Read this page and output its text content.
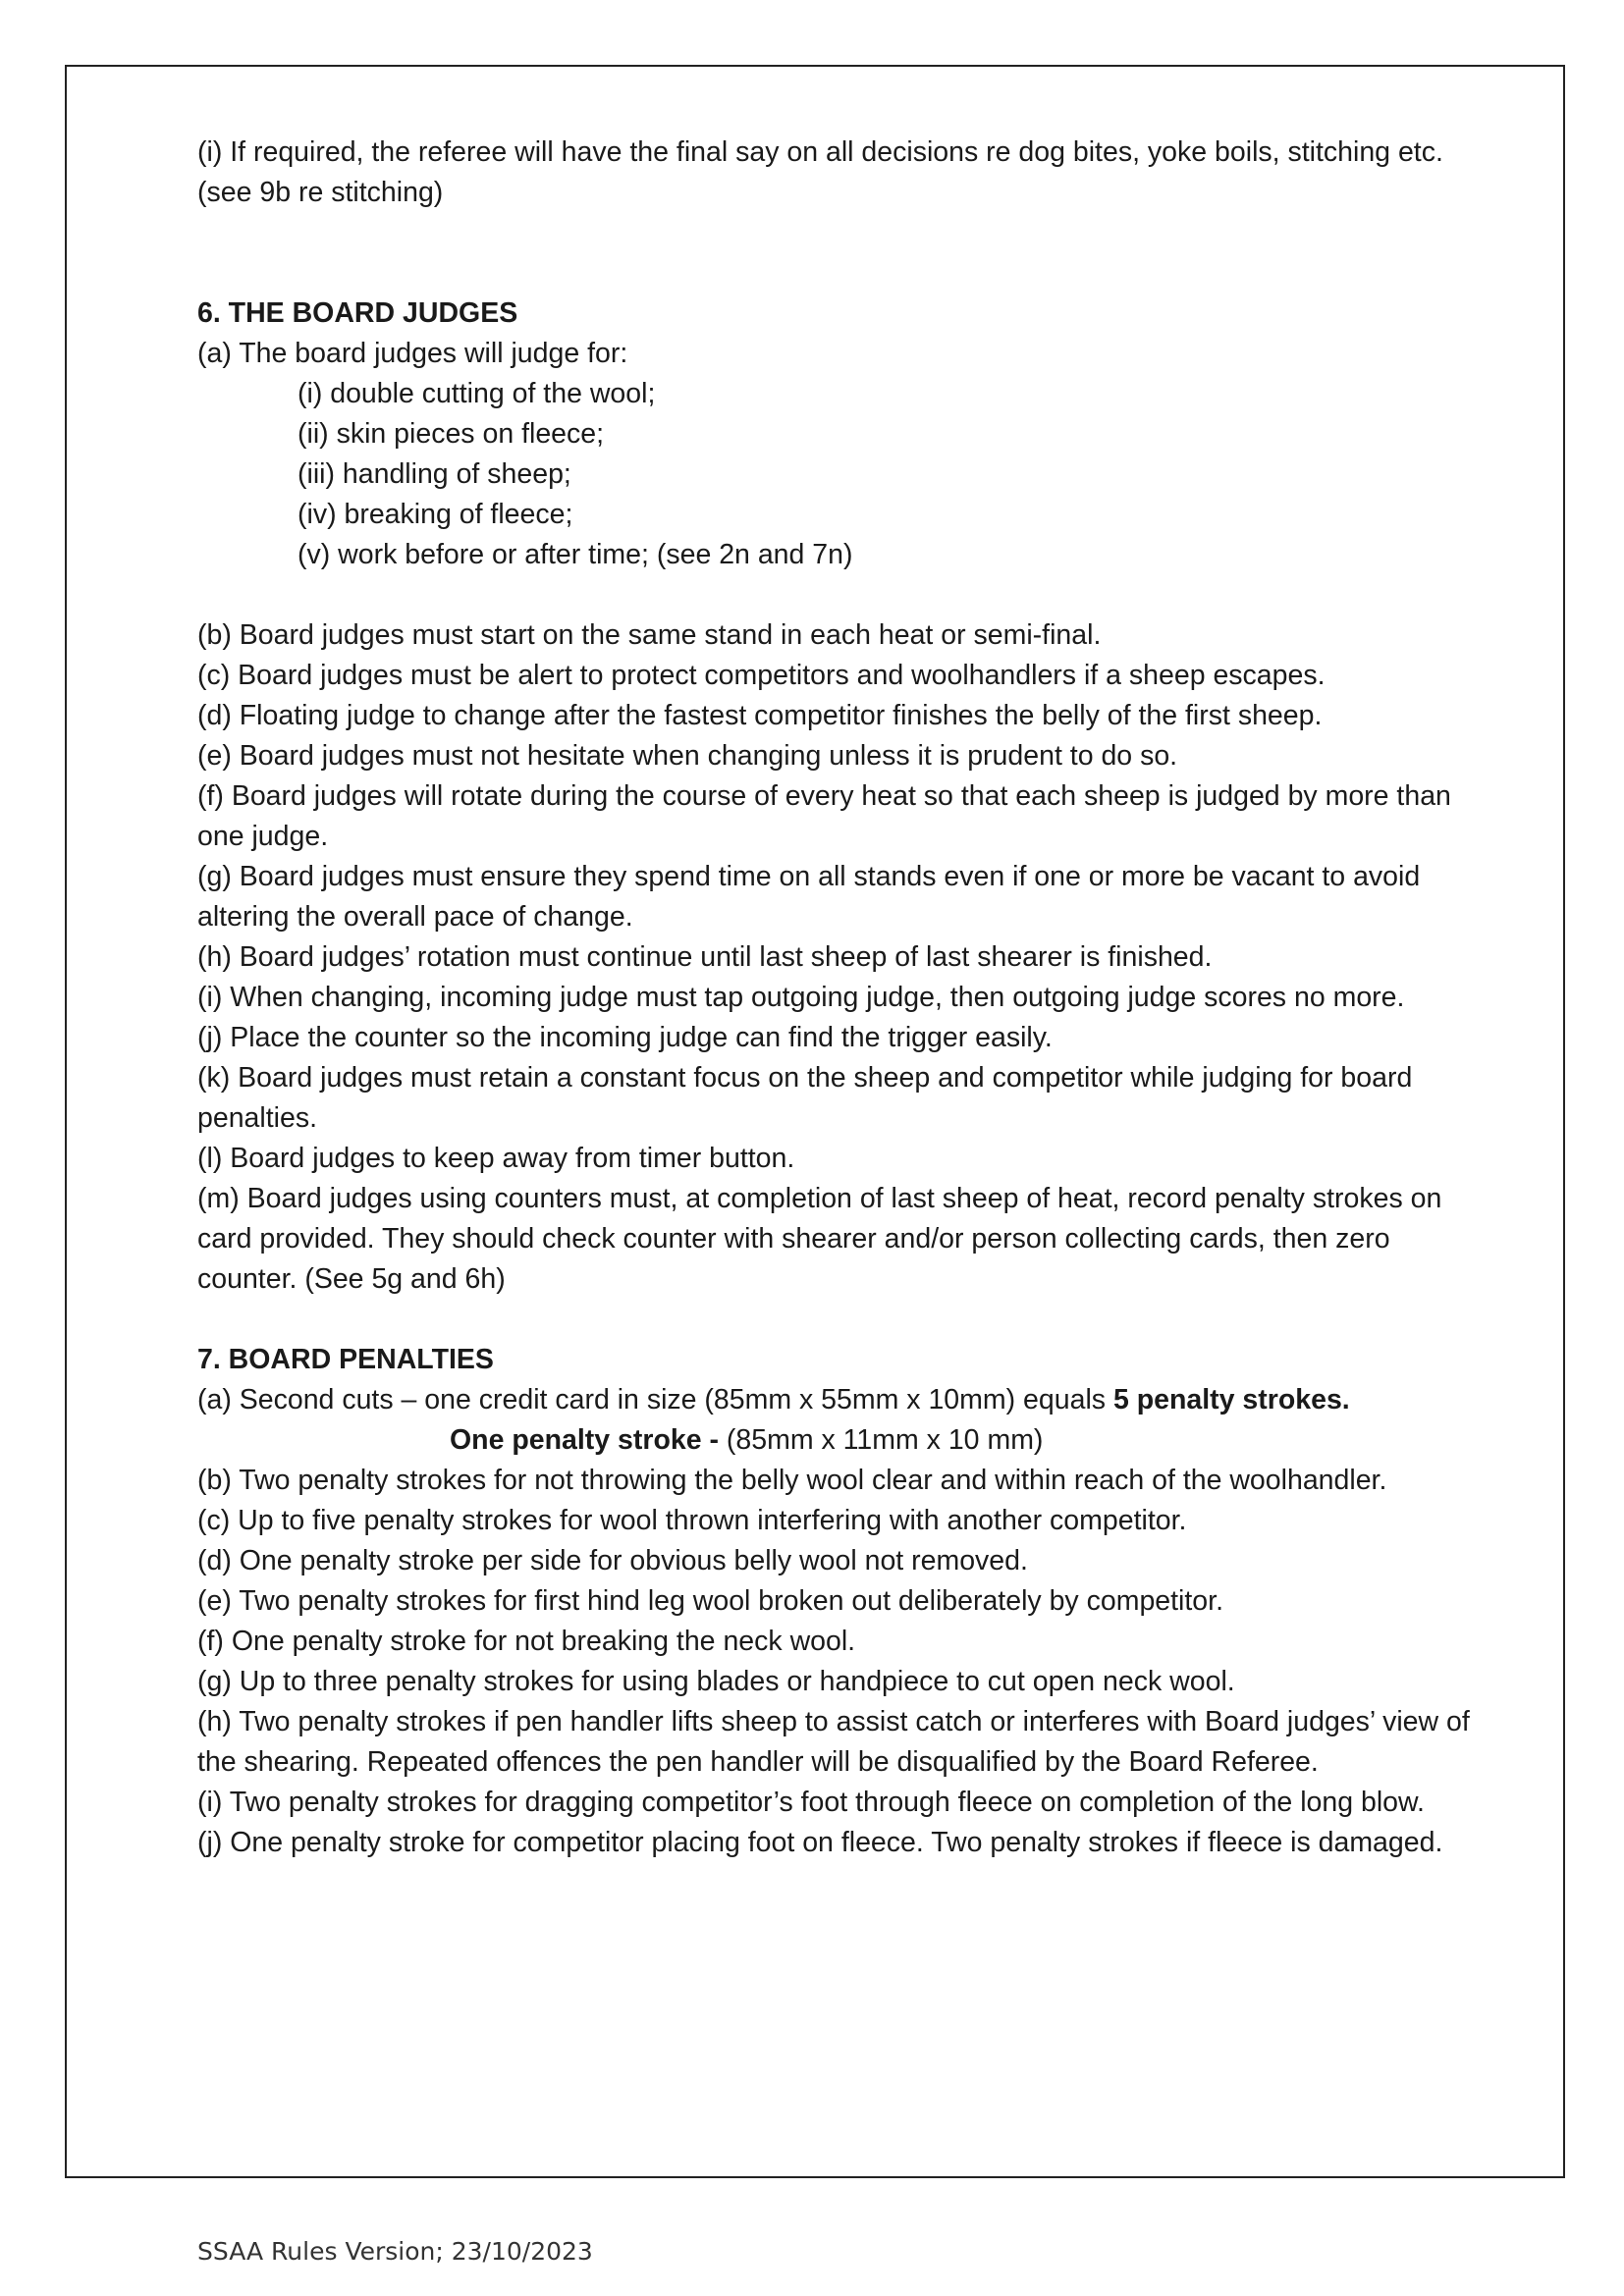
(i) If required, the referee will have the final say on all decisions re dog bites, yoke boils, stitching etc. (see 9b re stitching)

6. THE BOARD JUDGES

(a) The board judges will judge for:

(i) double cutting of the wool;

(ii) skin pieces on fleece;

(iii) handling of sheep;

(iv) breaking of fleece;

(v) work before or after time; (see 2n and 7n)

(b) Board judges must start on the same stand in each heat or semi-final.

(c) Board judges must be alert to protect competitors and woolhandlers if a sheep escapes.

(d) Floating judge to change after the fastest competitor finishes the belly of the first sheep.

(e) Board judges must not hesitate when changing unless it is prudent to do so.

(f) Board judges will rotate during the course of every heat so that each sheep is judged by more than one judge.

(g) Board judges must ensure they spend time on all stands even if one or more be vacant to avoid altering the overall pace of change.

(h) Board judges’ rotation must continue until last sheep of last shearer is finished.

(i) When changing, incoming judge must tap outgoing judge, then outgoing judge scores no more.

(j) Place the counter so the incoming judge can find the trigger easily.

(k) Board judges must retain a constant focus on the sheep and competitor while judging for board penalties.

(l) Board judges to keep away from timer button.

(m) Board judges using counters must, at completion of last sheep of heat, record penalty strokes on card provided. They should check counter with shearer and/or person collecting cards, then zero counter. (See 5g and 6h)

7. BOARD PENALTIES

(a) Second cuts – one credit card in size (85mm x 55mm x 10mm) equals 5 penalty strokes.

One penalty stroke - (85mm x 11mm x 10 mm)

(b) Two penalty strokes for not throwing the belly wool clear and within reach of the woolhandler.

(c) Up to five penalty strokes for wool thrown interfering with another competitor.

(d) One penalty stroke per side for obvious belly wool not removed.

(e) Two penalty strokes for first hind leg wool broken out deliberately by competitor.

(f) One penalty stroke for not breaking the neck wool.

(g) Up to three penalty strokes for using blades or handpiece to cut open neck wool.

(h) Two penalty strokes if pen handler lifts sheep to assist catch or interferes with Board judges’ view of the shearing. Repeated offences the pen handler will be disqualified by the Board Referee.

(i) Two penalty strokes for dragging competitor’s foot through fleece on completion of the long blow.

(j) One penalty stroke for competitor placing foot on fleece. Two penalty strokes if fleece is damaged.

SSAA Rules Version; 23/10/2023
